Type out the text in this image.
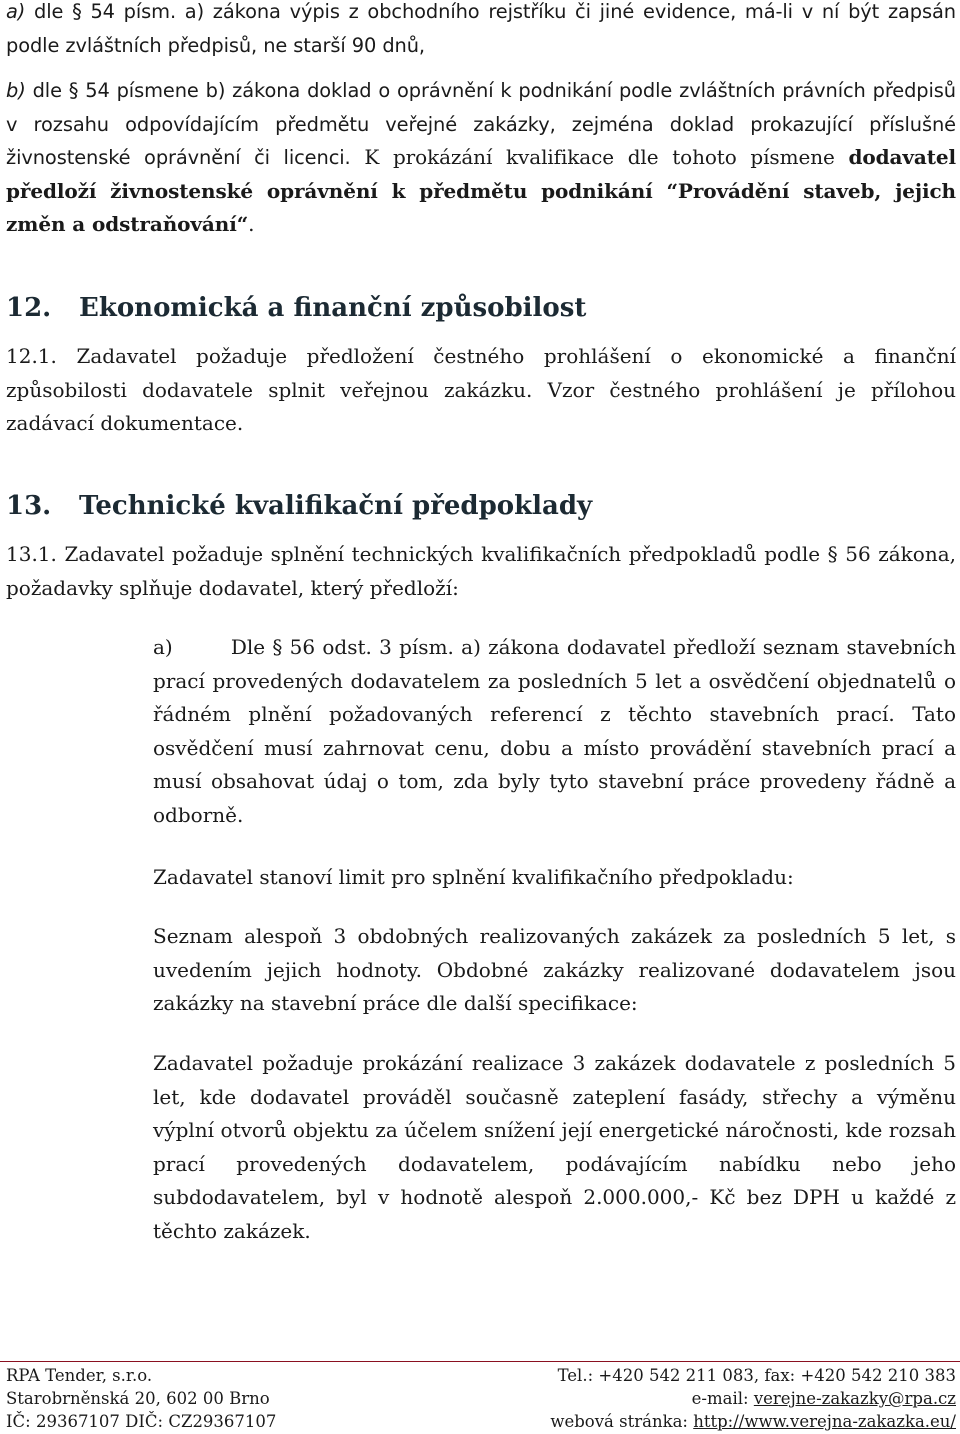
a) dle § 54 písm. a) zákona výpis z obchodního rejstříku či jiné evidence, má-li v ní být zapsán podle zvláštních předpisů, ne starší 90 dnů,

b) dle § 54 písmene b) zákona doklad o oprávnění k podnikání podle zvláštních právních předpisů v rozsahu odpovídajícím předmětu veřejné zakázky, zejména doklad prokazující příslušné živnostenské oprávnění či licenci. K prokázání kvalifikace dle tohoto písmene dodavatel předloží živnostenské oprávnění k předmětu podnikání “Provádění staveb, jejich změn a odstraňování“.

12. Ekonomická a finanční způsobilost

12.1. Zadavatel požaduje předložení čestného prohlášení o ekonomické a finanční způsobilosti dodavatele splnit veřejnou zakázku. Vzor čestného prohlášení je přílohou zadávací dokumentace.

13. Technické kvalifikační předpoklady

13.1. Zadavatel požaduje splnění technických kvalifikačních předpokladů podle § 56 zákona, požadavky splňuje dodavatel, který předloží:

a)        Dle § 56 odst. 3 písm. a) zákona dodavatel předloží seznam stavebních prací provedených dodavatelem za posledních 5 let a osvědčení objednatelů o řádném plnění požadovaných referencí z těchto stavebních prací. Tato osvědčení musí zahrnovat cenu, dobu a místo provádění stavebních prací a musí obsahovat údaj o tom, zda byly tyto stavební práce provedeny řádně a odborně.

Zadavatel stanoví limit pro splnění kvalifikačního předpokladu:

Seznam alespoň 3 obdobných realizovaných zakázek za posledních 5 let, s uvedením jejich hodnoty. Obdobné zakázky realizované dodavatelem jsou zakázky na stavební práce dle další specifikace:

Zadavatel požaduje prokázání realizace 3 zakázek dodavatele z posledních 5 let, kde dodavatel prováděl současně zateplení fasády, střechy a výměnu výplní otvorů objektu za účelem snížení její energetické náročnosti, kde rozsah prací provedených dodavatelem, podávajícím nabídku nebo jeho subdodavatelem, byl v hodnotě alespoň 2.000.000,- Kč bez DPH u každé z těchto zakázek.

RPA Tender, s.r.o.
Starobrněnská 20, 602 00 Brno
IČ: 29367107 DIČ: CZ29367107
Tel.: +420 542 211 083, fax: +420 542 210 383
e-mail: verejne-zakazky@rpa.cz
webová stránka: http://www.verejna-zakazka.eu/
